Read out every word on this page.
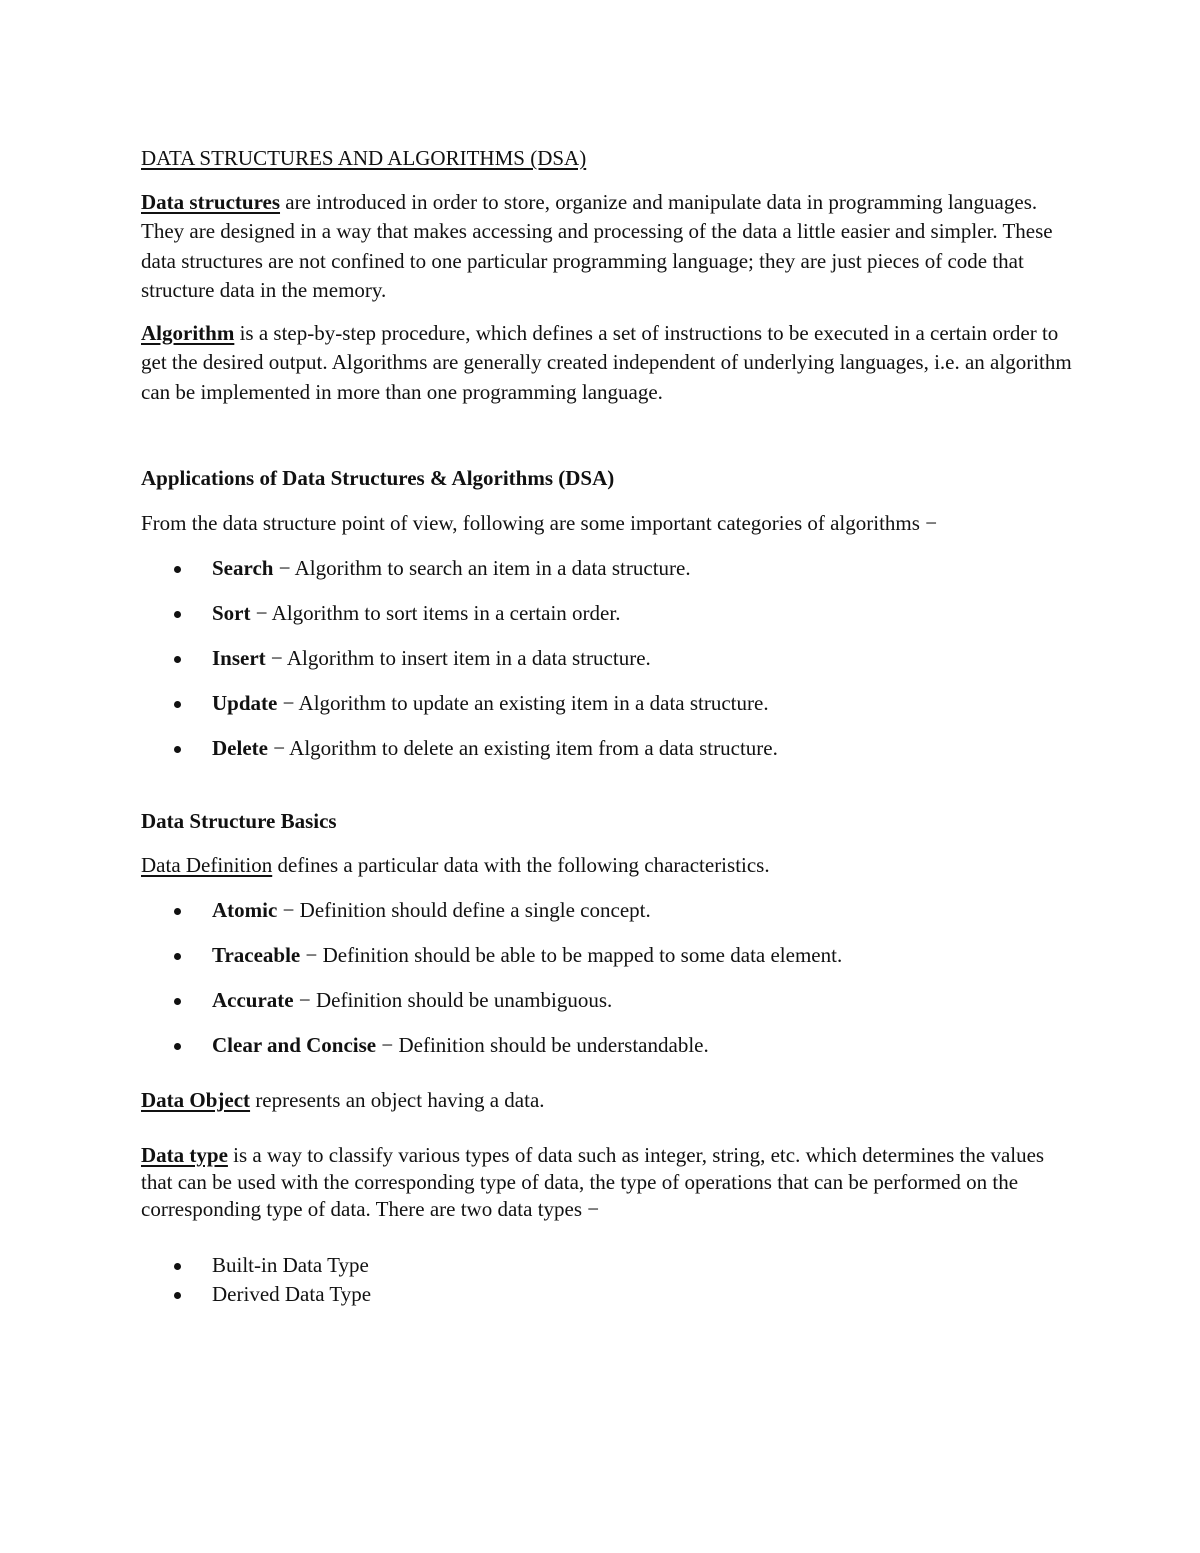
DATA STRUCTURES AND ALGORITHMS (DSA)

Data structures are introduced in order to store, organize and manipulate data in programming languages. They are designed in a way that makes accessing and processing of the data a little easier and simpler. These data structures are not confined to one particular programming language; they are just pieces of code that structure data in the memory.

Algorithm is a step-by-step procedure, which defines a set of instructions to be executed in a certain order to get the desired output. Algorithms are generally created independent of underlying languages, i.e. an algorithm can be implemented in more than one programming language.

Applications of Data Structures & Algorithms (DSA)

From the data structure point of view, following are some important categories of algorithms −

Search − Algorithm to search an item in a data structure.
Sort − Algorithm to sort items in a certain order.
Insert − Algorithm to insert item in a data structure.
Update − Algorithm to update an existing item in a data structure.
Delete − Algorithm to delete an existing item from a data structure.

Data Structure Basics

Data Definition defines a particular data with the following characteristics.

Atomic − Definition should define a single concept.
Traceable − Definition should be able to be mapped to some data element.
Accurate − Definition should be unambiguous.
Clear and Concise − Definition should be understandable.

Data Object represents an object having a data.

Data type is a way to classify various types of data such as integer, string, etc. which determines the values that can be used with the corresponding type of data, the type of operations that can be performed on the corresponding type of data. There are two data types −

Built-in Data Type
Derived Data Type
